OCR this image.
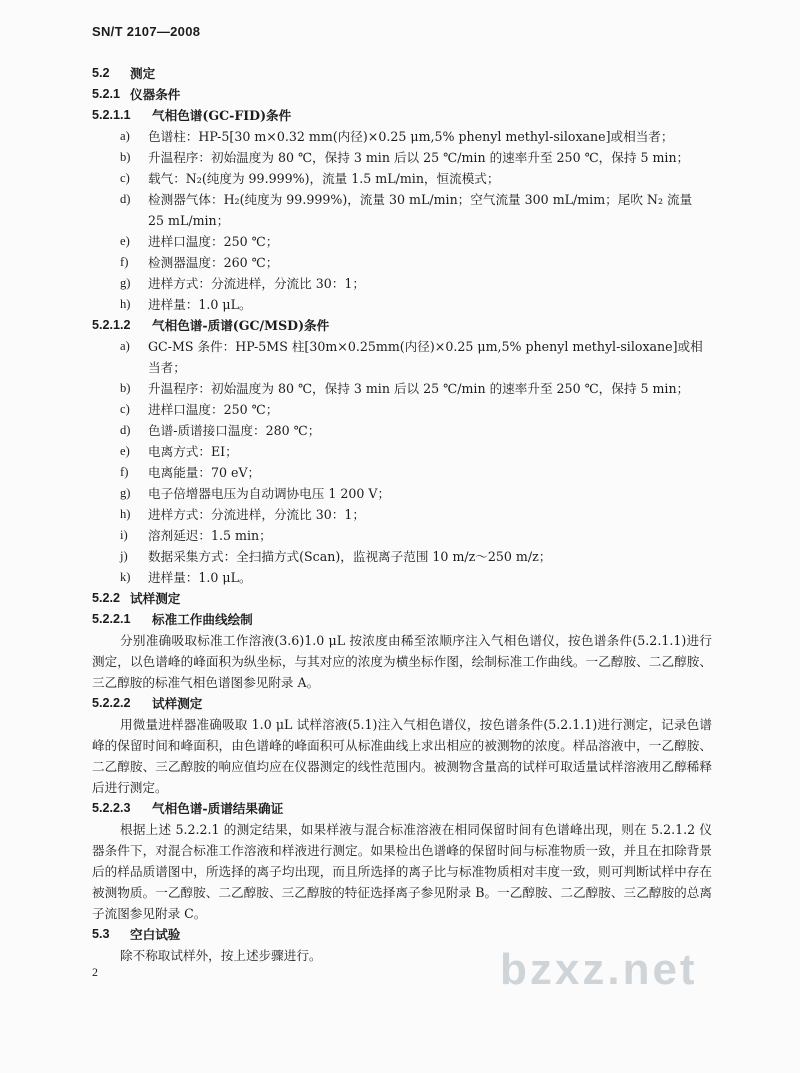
SN/T 2107—2008
5.2 测定
5.2.1 仪器条件
5.2.1.1 气相色谱(GC-FID)条件
a) 色谱柱：HP-5[30 m×0.32 mm(内径)×0.25 μm,5% phenyl methyl-siloxane]或相当者；
b) 升温程序：初始温度为 80 ℃，保持 3 min 后以 25 ℃/min 的速率升至 250 ℃，保持 5 min；
c) 载气：N₂(纯度为 99.999%)，流量 1.5 mL/min，恒流模式；
d) 检测器气体：H₂(纯度为 99.999%)，流量 30 mL/min；空气流量 300 mL/mim；尾吹 N₂ 流量 25 mL/min；
e) 进样口温度：250 ℃；
f) 检测器温度：260 ℃；
g) 进样方式：分流进样，分流比 30：1；
h) 进样量：1.0 μL。
5.2.1.2 气相色谱-质谱(GC/MSD)条件
a) GC-MS 条件：HP-5MS 柱[30m×0.25mm(内径)×0.25 μm,5% phenyl methyl-siloxane]或相当者；
b) 升温程序：初始温度为 80 ℃，保持 3 min 后以 25 ℃/min 的速率升至 250 ℃，保持 5 min；
c) 进样口温度：250 ℃；
d) 色谱-质谱接口温度：280 ℃；
e) 电离方式：EI；
f) 电离能量：70 eV；
g) 电子倍增器电压为自动调协电压 1 200 V；
h) 进样方式：分流进样，分流比 30：1；
i) 溶剂延迟：1.5 min；
j) 数据采集方式：全扫描方式(Scan)，监视离子范围 10 m/z～250 m/z；
k) 进样量：1.0 μL。
5.2.2 试样测定
5.2.2.1 标准工作曲线绘制

分别准确吸取标准工作溶液(3.6)1.0 μL 按浓度由稀至浓顺序注入气相色谱仪，按色谱条件(5.2.1.1)进行测定，以色谱峰的峰面积为纵坐标，与其对应的浓度为横坐标作图，绘制标准工作曲线。一乙醇胺、二乙醇胺、三乙醇胺的标准气相色谱图参见附录 A。

5.2.2.2 试样测定

用微量进样器准确吸取 1.0 μL 试样溶液(5.1)注入气相色谱仪，按色谱条件(5.2.1.1)进行测定，记录色谱峰的保留时间和峰面积，由色谱峰的峰面积可从标准曲线上求出相应的被测物的浓度。样品溶液中，一乙醇胺、二乙醇胺、三乙醇胺的响应值均应在仪器测定的线性范围内。被测物含量高的试样可取适量试样溶液用乙醇稀释后进行测定。

5.2.2.3 气相色谱-质谱结果确证

根据上述 5.2.2.1 的测定结果，如果样液与混合标准溶液在相同保留时间有色谱峰出现，则在 5.2.1.2 仪器条件下，对混合标准工作溶液和样液进行测定。如果检出色谱峰的保留时间与标准物质一致，并且在扣除背景后的样品质谱图中，所选择的离子均出现，而且所选择的离子比与标准物质相对丰度一致，则可判断试样中存在被测物质。一乙醇胺、二乙醇胺、三乙醇胺的特征选择离子参见附录 B。一乙醇胺、二乙醇胺、三乙醇胺的总离子流图参见附录 C。

5.3 空白试验

除不称取试样外，按上述步骤进行。

2	bzxz.net
